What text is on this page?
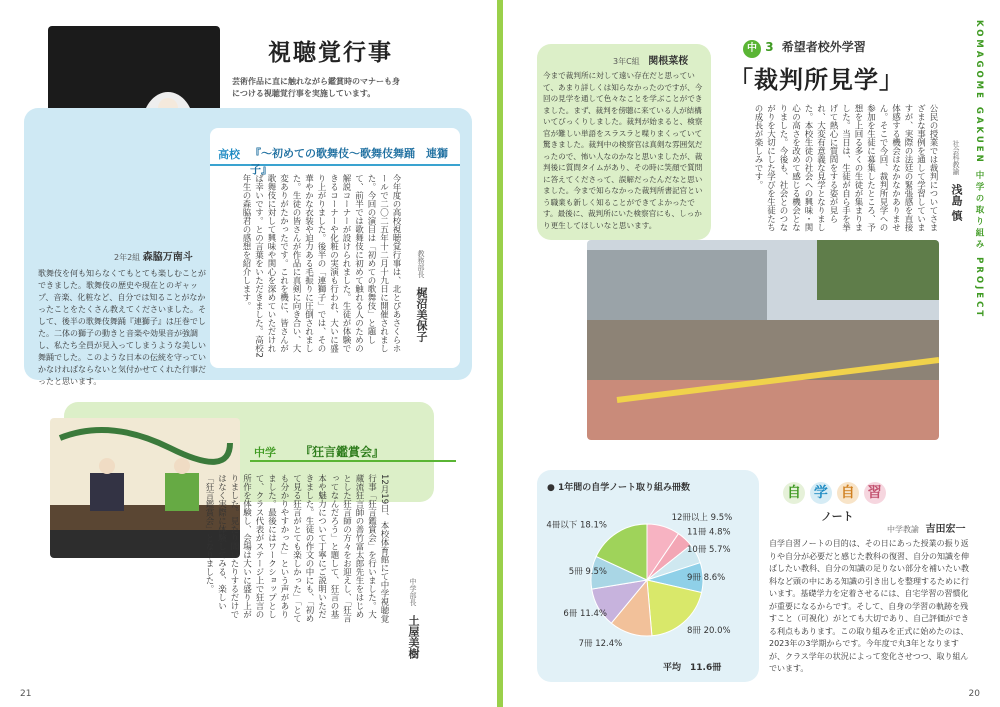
視聴覚行事
芸術作品に直に触れながら鑑賞時のマナーも身につける視聴覚行事を実施しています。
高校 『〜初めての歌舞伎〜歌舞伎舞踊　連獅子』
今年度の高校視聴覚行事は、北とぴあさくらホールで二〇二五年十二月十九日に開催されました。今回の演目は「初めての歌舞伎」と題して、前半では歌舞伎に初めて触れる人のための解説コーナーが設けられました。生徒が体験できるコーナーや化粧の実演も行われ、大いに盛り上がりました。後半の「連獅子」では、その華やかな衣装や迫力ある毛振りに圧倒されました。生徒の皆さんが作品に真剣に向き合い、大変ありがたかったです。これを機に、皆さんが歌舞伎に対して興味や関心を深めていただければ幸いです。との言葉をいただきました。高校2年生の森脇君の感想を紹介します。	教務部長 梶沼美保子
2年2組 森脇万南斗
歌舞伎を何も知らなくてもとても楽しむことができました。歌舞伎の歴史や現在とのギャップ、音楽、化粧など、自分では知ることがなかったことをたくさん教えてくださいました。そして、後半の歌舞伎舞踊『連獅子』は圧巻でした。二体の獅子の動きと音楽や効果音が強調し、私たち全員が見入ってしまうような美しい舞踊でした。このような日本の伝統を守っていかなければならないと気付かせてくれた行事だったと思います。
中学 『狂言鑑賞会』
12月19日、本校体育館にて中学視聴覚行事「狂言鑑賞会」を行いました。大蔵流狂言師の善竹富太郎先生をはじめとした狂言師の方々をお迎えし、「狂言ってなんだろう」と題して、狂言の基本や魅力について丁寧にご説明いただきました。生徒の作文の中にも、「初めて見る狂言がとても楽しかった」「とても分かりやすかった」という声がありました。最後にはワークショップとして、クラス代表がステージ上で狂言の所作を体験し、会場は大いに盛り上がりました。見たり聞いたりするだけではなく実際に体験してみる、楽しい「狂言鑑賞会」となりました。	中学部長 土屋美樹
21
KOMAGOME GAKUEN 中学の取り組み PROJECT
3年C組 関根菜桜
今まで裁判所に対して遠い存在だと思っていて、あまり詳しくは知らなかったのですが、今回の見学を通して色々なことを学ぶことができました。まず、裁判を傍聴に来ている人が結構いてびっくりしました。裁判が始まると、検察官が難しい単語をスラスラと喋りまくっていて驚きました。裁判中の検察官は真剣な雰囲気だったので、怖い人なのかなと思いましたが、裁判後に質問タイムがあり、その時に笑顔で質問に答えてくださって、誤解だったんだなと思いました。今まで知らなかった裁判所書記官という職業も新しく知ることができてよかったです。最後に、裁判所にいた検察官にも、しっかり更生してほしいなと思います。
中 3 希望者校外学習
「裁判所見学」
公民の授業では裁判についてさまざまな事例を通して学習していますが、実際の法廷の緊張感を直接体感する機会はなかなかありません。そこで今回、裁判所見学への参加を生徒に募集したところ、予想を上回る多くの生徒が集まりました。当日は、生徒が自ら手を挙げて熱心に質問をする姿が見られ、大変有意義な見学となりました。本校生徒の社会への興味・関心の高さを改めて感じる機会となりました。今後も、社会とのつながりを大切にした学びを生徒たちの成長が楽しみです。	社会科教諭 浅島 慎
● 1年間の自学ノート取り組み冊数
12冊以上 9.5%
11冊 4.8%
10冊 5.7%
9冊 8.6%
8冊 20.0%
7冊 12.4%
6冊 11.4%
5冊 9.5%
4冊以下 18.1%
平均　11.6冊
自 学 自 習
ノート
中学教諭 吉田宏一
自学自習ノートの目的は、その日にあった授業の振り返りや自分が必要だと感じた教科の復習、自分の知識を伸ばしたい教科、自分の知識の足りない部分を補いたい教科など頭の中にある知識の引き出しを整理するために行います。基礎学力を定着させるには、自宅学習の習慣化が重要になるからです。そして、自身の学習の軌跡を残すこと（可視化）がとても大切であり、自己評価ができる利点もあります。この取り組みを正式に始めたのは、2023年の3学期からです。今年度で丸3年となりますが、クラス学年の状況によって変化させつつ、取り組んでいます。
20
